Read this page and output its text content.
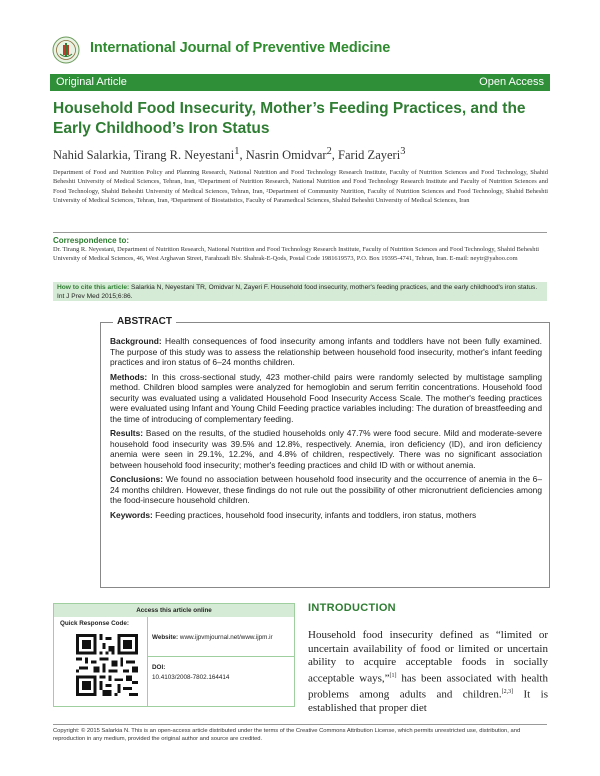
International Journal of Preventive Medicine
Original Article	Open Access
Household Food Insecurity, Mother’s Feeding Practices, and the Early Childhood’s Iron Status
Nahid Salarkia, Tirang R. Neyestani$^1$, Nasrin Omidvar$^2$, Farid Zayeri$^3$
Department of Food and Nutrition Policy and Planning Research, National Nutrition and Food Technology Research Institute, Faculty of Nutrition Sciences and Food Technology, Shahid Beheshti University of Medical Sciences, Tehran, Iran, ¹Department of Nutrition Research, National Nutrition and Food Technology Research Institute and Faculty of Nutrition Sciences and Food Technology, Shahid Beheshti University of Medical Sciences, Tehran, Iran, ²Department of Community Nutrition, Faculty of Nutrition Sciences and Food Technology, Shahid Beheshti University of Medical Sciences, Tehran, Iran, ³Department of Biostatistics, Faculty of Paramedical Sciences, Shahid Beheshti University of Medical Sciences, Iran
Correspondence to:
Dr. Tirang R. Neyestani, Department of Nutrition Research, National Nutrition and Food Technology Research Institute, Faculty of Nutrition Sciences and Food Technology, Shahid Beheshti University of Medical Sciences, 46, West Arghavan Street, Farahzadi Blv. Shahrak-E-Qods, Postal Code 1981619573, P.O. Box 19395-4741, Tehran, Iran. E-mail: neytr@yahoo.com
How to cite this article: Salarkia N, Neyestani TR, Omidvar N, Zayeri F. Household food insecurity, mother's feeding practices, and the early childhood's iron status. Int J Prev Med 2015;6:86.
ABSTRACT

Background: Health consequences of food insecurity among infants and toddlers have not been fully examined. The purpose of this study was to assess the relationship between household food insecurity, mother's infant feeding practices and iron status of 6–24 months children.

Methods: In this cross-sectional study, 423 mother-child pairs were randomly selected by multistage sampling method. Children blood samples were analyzed for hemoglobin and serum ferritin concentrations. Household food security was evaluated using a validated Household Food Insecurity Access Scale. The mother's feeding practices were evaluated using Infant and Young Child Feeding practice variables including: The duration of breastfeeding and the time of introducing of complementary feeding.

Results: Based on the results, of the studied households only 47.7% were food secure. Mild and moderate-severe household food insecurity was 39.5% and 12.8%, respectively. Anemia, iron deficiency (ID), and iron deficiency anemia were seen in 29.1%, 12.2%, and 4.8% of children, respectively. There was no significant association between household food insecurity; mother's feeding practices and child ID with or without anemia.

Conclusions: We found no association between household food insecurity and the occurrence of anemia in the 6–24 months children. However, these findings do not rule out the possibility of other micronutrient deficiencies among the food-insecure household children.

Keywords: Feeding practices, household food insecurity, infants and toddlers, iron status, mothers

Access this article online
Quick Response Code:
Website: www.ijpvmjournal.net/www.ijpm.ir
DOI:
10.4103/2008-7802.164414
INTRODUCTION
Household food insecurity defined as “limited or uncertain availability of food or limited or uncertain ability to acquire acceptable foods in socially acceptable ways,”[1] has been associated with health problems among adults and children.[2,3] It is established that proper diet
Copyright: © 2015 Salarkia N. This is an open-access article distributed under the terms of the Creative Commons Attribution License, which permits unrestricted use, distribution, and reproduction in any medium, provided the original author and source are credited.
